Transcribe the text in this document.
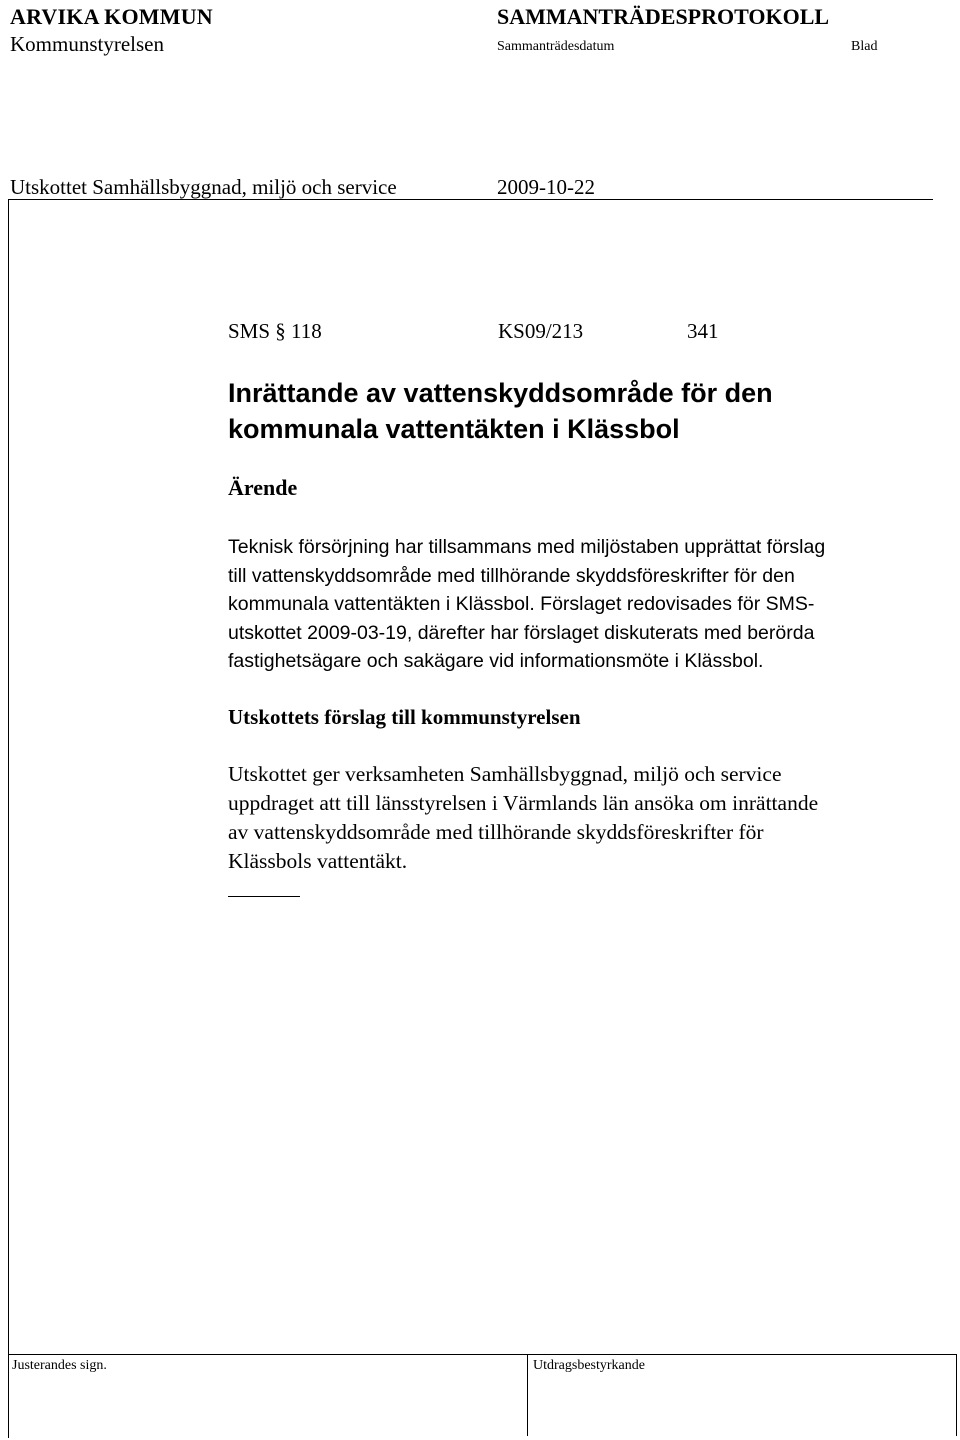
ARVIKA KOMMUN
Kommunstyrelsen
SAMMANTRÄDESPROTOKOLL
Sammanträdesdatum	Blad
Utskottet Samhällsbyggnad, miljö och service	2009-10-22
SMS § 118	KS09/213	341
Inrättande av vattenskyddsområde för den
kommunala vattentäkten i Klässbol
Ärende
Teknisk försörjning har tillsammans med miljöstaben upprättat förslag
till vattenskyddsområde med tillhörande skyddsföreskrifter för den
kommunala vattentäkten i Klässbol. Förslaget redovisades för SMS-
utskottet 2009-03-19, därefter har förslaget diskuterats med berörda
fastighetsägare och sakägare vid informationsmöte i Klässbol.
Utskottets förslag till kommunstyrelsen
Utskottet ger verksamheten Samhällsbyggnad, miljö och service
uppdraget att till länsstyrelsen i Värmlands län ansöka om inrättande
av vattenskyddsområde med tillhörande skyddsföreskrifter för
Klässbols vattentäkt.
Justerandes sign.	Utdragsbestyrkande
